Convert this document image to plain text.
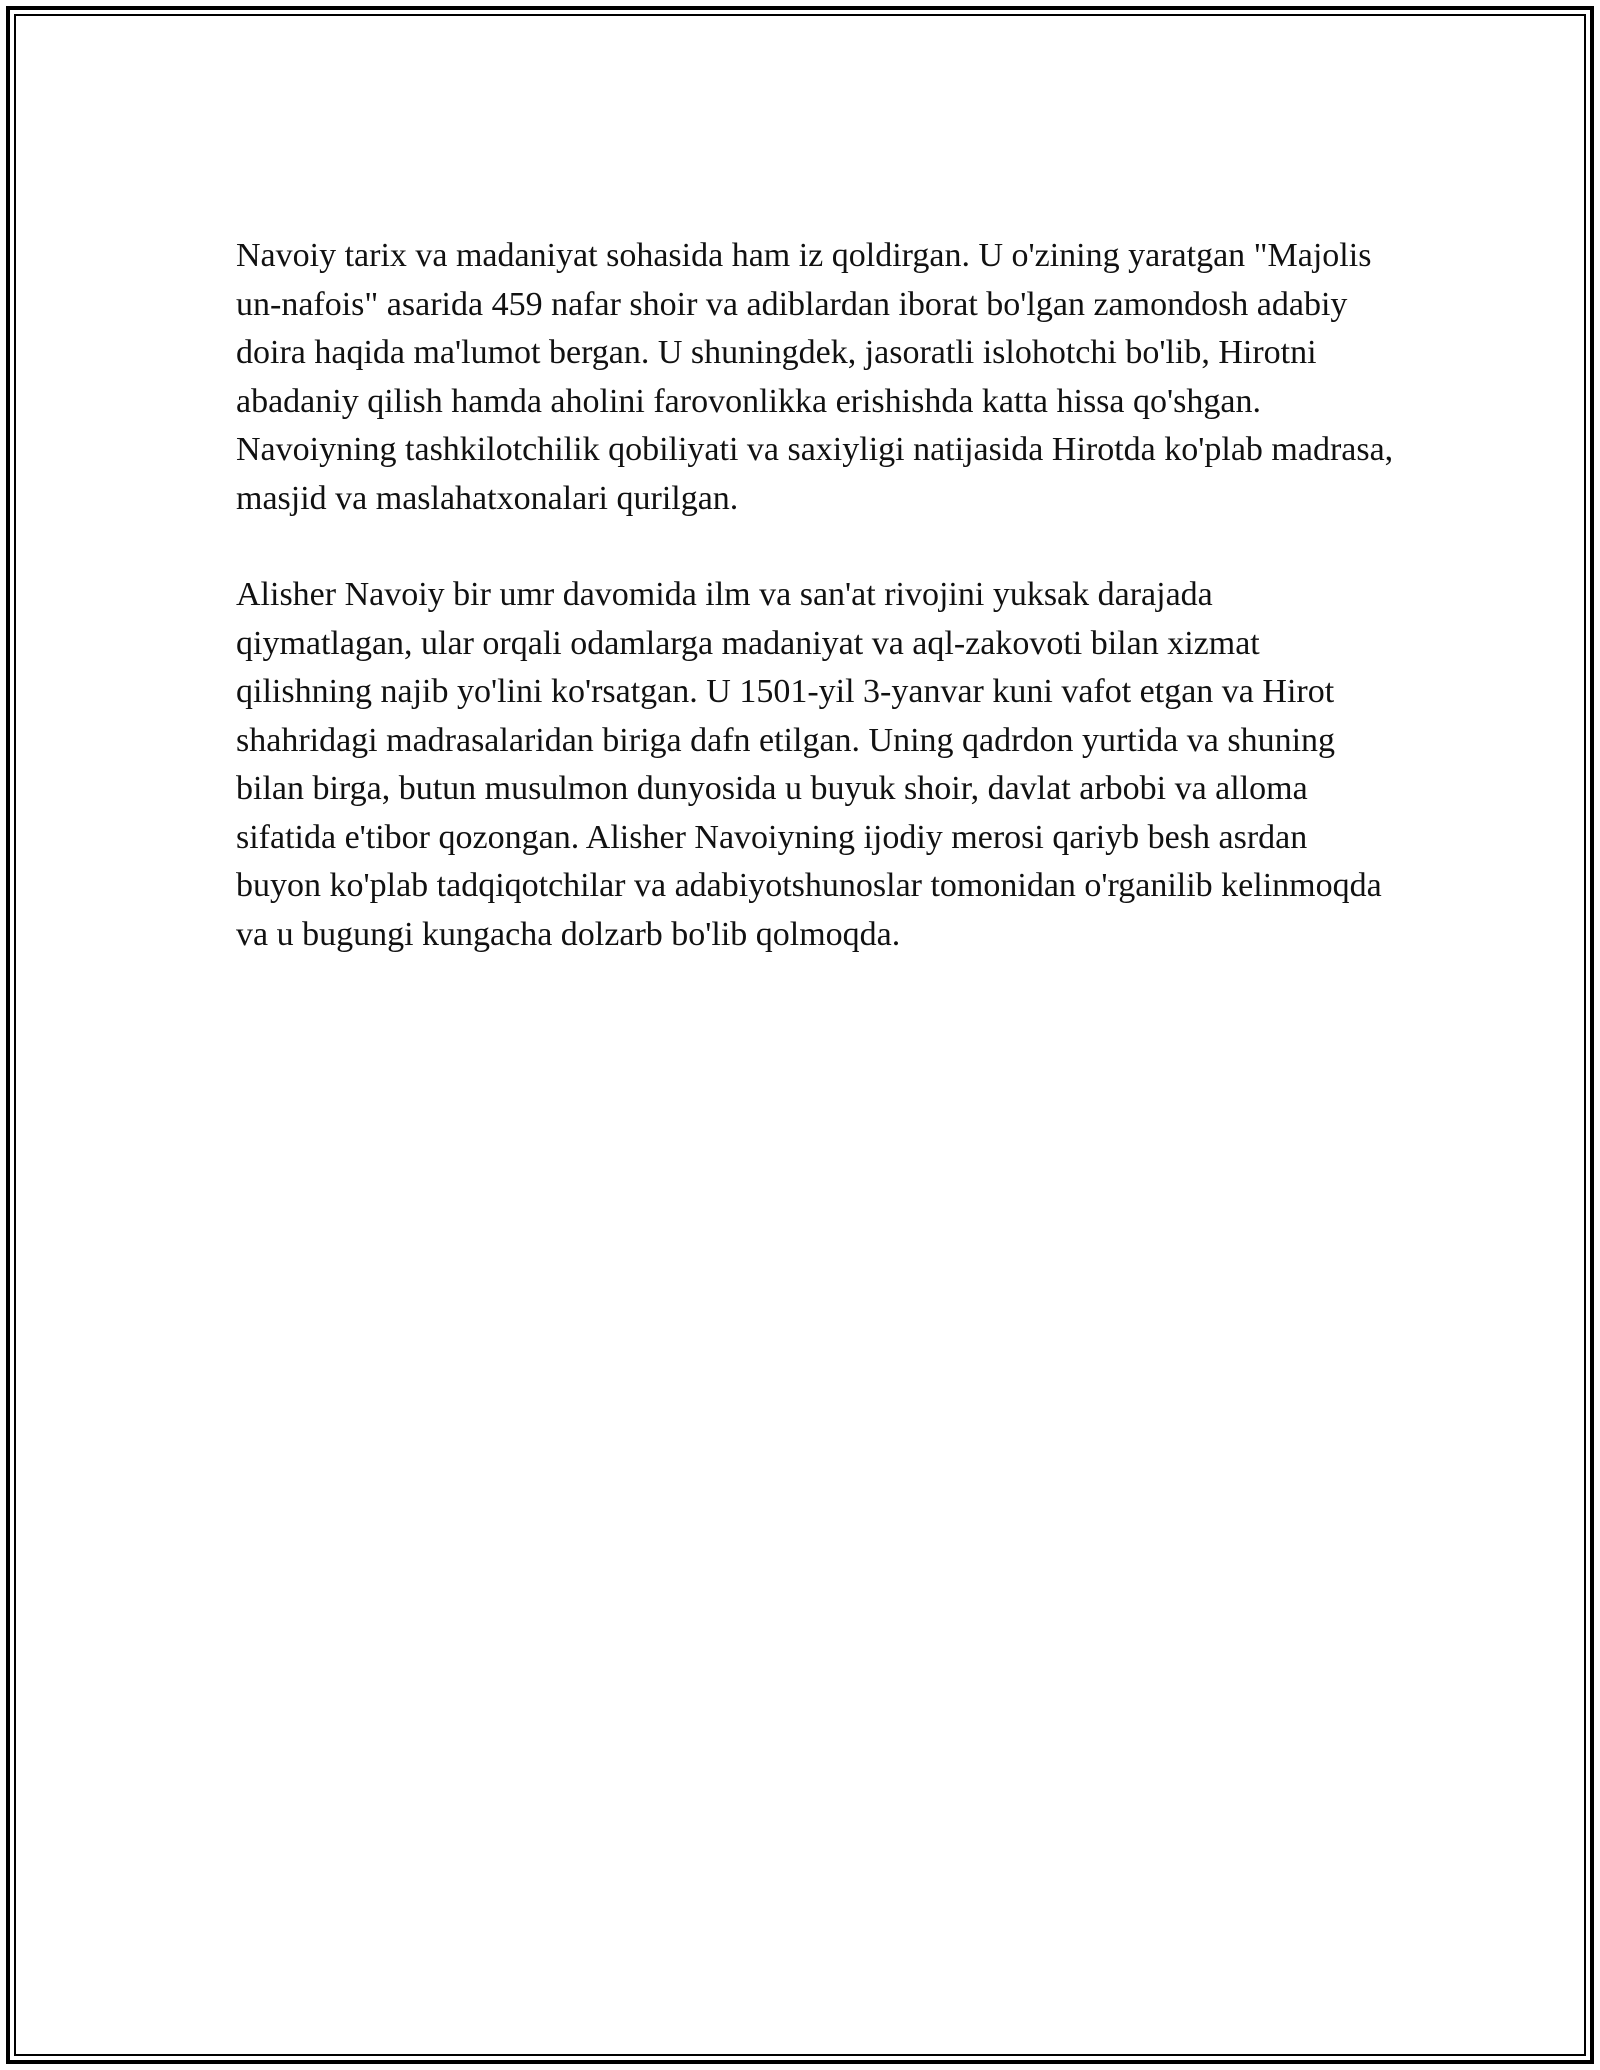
Navoiy tarix va madaniyat sohasida ham iz qoldirgan. U o'zining yaratgan "Majolis un-nafois" asarida 459 nafar shoir va adiblardan iborat bo'lgan zamondosh adabiy doira haqida ma'lumot bergan. U shuningdek, jasoratli islohotchi bo'lib, Hirotni abadaniy qilish hamda aholini farovonlikka erishishda katta hissa qo'shgan. Navoiyning tashkilotchilik qobiliyati va saxiyligi natijasida Hirotda ko'plab madrasa, masjid va maslahatxonalari qurilgan.

Alisher Navoiy bir umr davomida ilm va san'at rivojini yuksak darajada qiymatlagan, ular orqali odamlarga madaniyat va aql-zakovoti bilan xizmat qilishning najib yo'lini ko'rsatgan. U 1501-yil 3-yanvar kuni vafot etgan va Hirot shahridagi madrasalaridan biriga dafn etilgan. Uning qadrdon yurtida va shuning bilan birga, butun musulmon dunyosida u buyuk shoir, davlat arbobi va alloma sifatida e'tibor qozongan. Alisher Navoiyning ijodiy merosi qariyb besh asrdan buyon ko'plab tadqiqotchilar va adabiyotshunoslar tomonidan o'rganilib kelinmoqda va u bugungi kungacha dolzarb bo'lib qolmoqda.
